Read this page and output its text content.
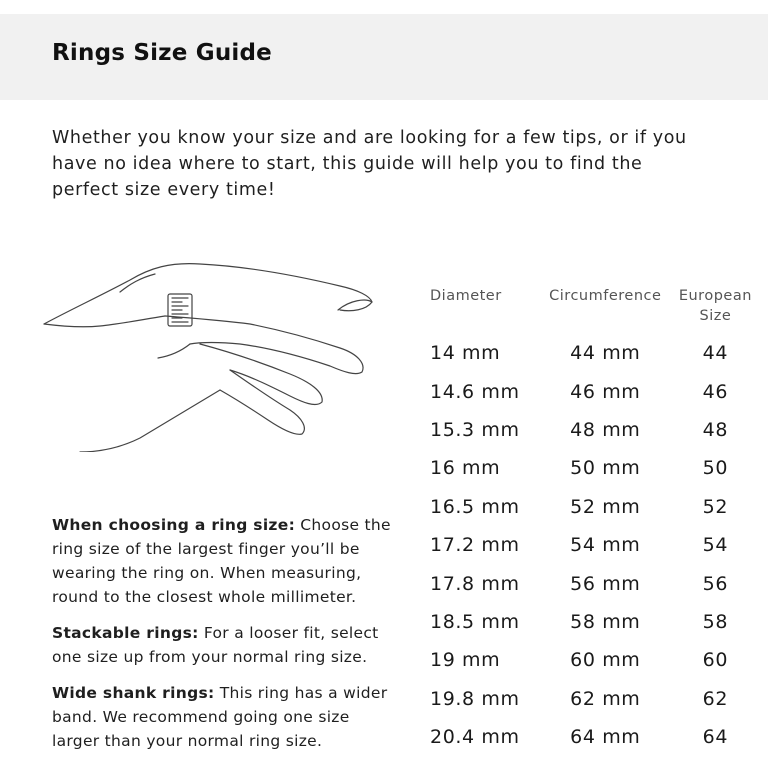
Rings Size Guide
Whether you know your size and are looking for a few tips, or if you have no idea where to start, this guide will help you to find the perfect size every time!
When choosing a ring size: Choose the ring size of the largest finger you’ll be wearing the ring on. When measuring, round to the closest whole millimeter.
Stackable rings: For a looser fit, select one size up from your normal ring size.
Wide shank rings: This ring has a wider band. We recommend going one size larger than your normal ring size.
Diameter	Circumference	European Size
14 mm	44 mm	44
14.6 mm	46 mm	46
15.3 mm	48 mm	48
16 mm	50 mm	50
16.5 mm	52 mm	52
17.2 mm	54 mm	54
17.8 mm	56 mm	56
18.5 mm	58 mm	58
19 mm	60 mm	60
19.8 mm	62 mm	62
20.4 mm	64 mm	64
